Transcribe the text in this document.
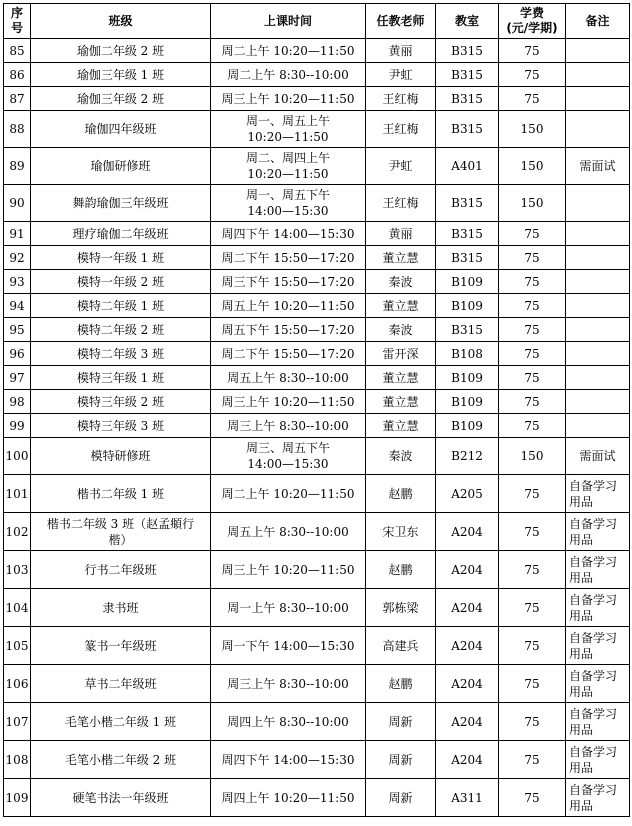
序
号	班级	上课时间	任教老师	教室	学费
(元/学期)	备注

85	瑜伽二年级 2 班	周二上午 10:20—11:50	黄丽	B315	75	
86	瑜伽三年级 1 班	周二上午 8:30--10:00	尹虹	B315	75	
87	瑜伽三年级 2 班	周三上午 10:20—11:50	王红梅	B315	75	
88	瑜伽四年级班	周一、周五上午
10:20—11:50	王红梅	B315	150	
89	瑜伽研修班	周二、周四上午
10:20—11:50	尹虹	A401	150	需面试

90	舞韵瑜伽三年级班	周一、周五下午
14:00—15:30	王红梅	B315	150	
91	理疗瑜伽二年级班	周四下午 14:00—15:30	黄丽	B315	75	
92	模特一年级 1 班	周二下午 15:50—17:20	董立慧	B315	75	
93	模特一年级 2 班	周三下午 15:50—17:20	秦波	B109	75	
94	模特二年级 1 班	周五上午 10:20—11:50	董立慧	B109	75	
95	模特二年级 2 班	周五下午 15:50—17:20	秦波	B315	75	
96	模特二年级 3 班	周二下午 15:50—17:20	雷开深	B108	75	
97	模特三年级 1 班	周五上午 8:30--10:00	董立慧	B109	75	
98	模特三年级 2 班	周三上午 10:20—11:50	董立慧	B109	75	
99	模特三年级 3 班	周三上午 8:30--10:00	董立慧	B109	75	
100	模特研修班	周三、周五下午
14:00—15:30	秦波	B212	150	需面试

101	楷书二年级 1 班	周二上午 10:20—11:50	赵鹏	A205	75	自备学习
用品

102	楷书二年级 3 班（赵孟頫行
楷）	周五上午 8:30--10:00	宋卫东	A204	75	自备学习
用品

103	行书二年级班	周三上午 10:20—11:50	赵鹏	A204	75	自备学习
用品

104	隶书班	周一上午 8:30--10:00	郭栋梁	A204	75	自备学习
用品

105	篆书一年级班	周一下午 14:00—15:30	高建兵	A204	75	自备学习
用品

106	草书二年级班	周三上午 8:30--10:00	赵鹏	A204	75	自备学习
用品

107	毛笔小楷二年级 1 班	周四上午 8:30--10:00	周新	A204	75	自备学习
用品

108	毛笔小楷二年级 2 班	周四下午 14:00—15:30	周新	A204	75	自备学习
用品

109	硬笔书法一年级班	周四上午 10:20—11:50	周新	A311	75	自备学习
用品
